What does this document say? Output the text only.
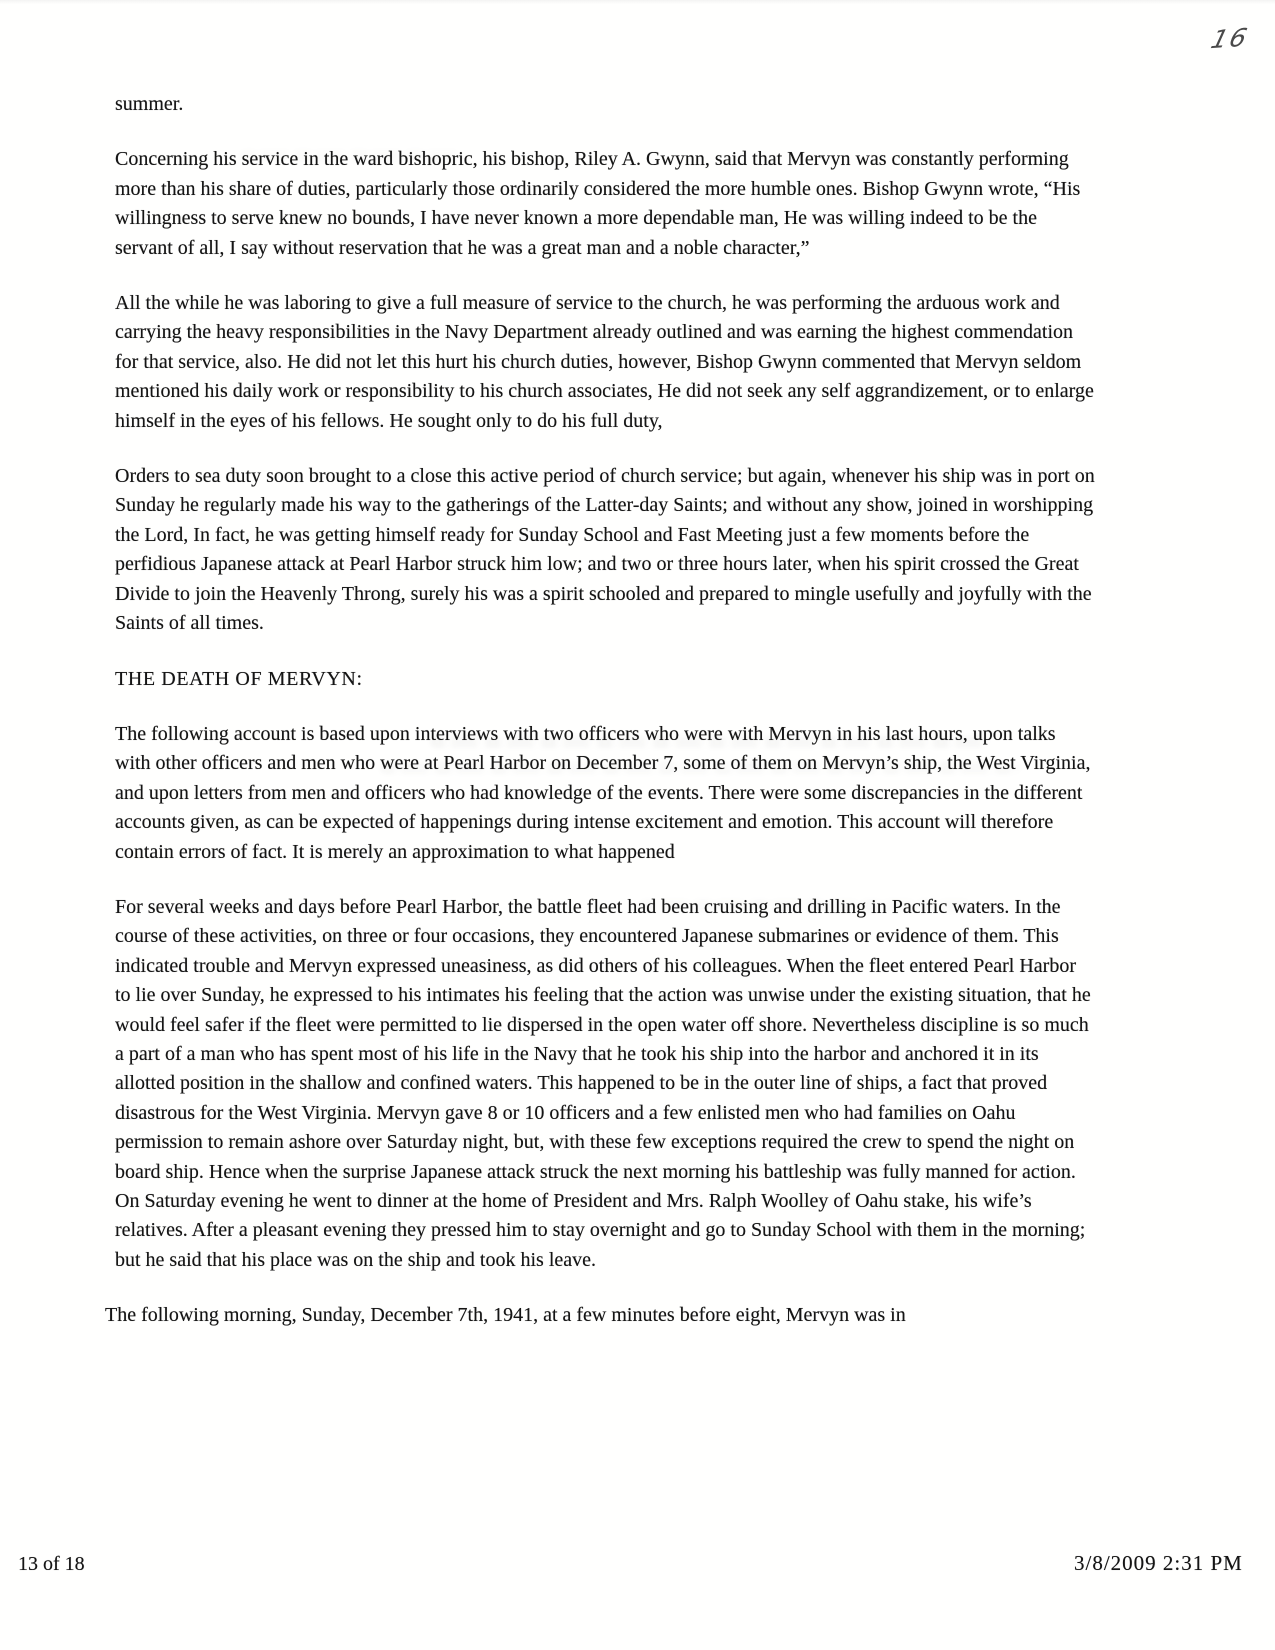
16

summer.

Concerning his service in the ward bishopric, his bishop, Riley A. Gwynn, said that Mervyn was constantly performing more than his share of duties, particularly those ordinarily considered the more humble ones. Bishop Gwynn wrote, “His willingness to serve knew no bounds, I have never known a more dependable man, He was willing indeed to be the servant of all, I say without reservation that he was a great man and a noble character,”

All the while he was laboring to give a full measure of service to the church, he was performing the arduous work and carrying the heavy responsibilities in the Navy Department already outlined and was earning the highest commendation for that service, also. He did not let this hurt his church duties, however, Bishop Gwynn commented that Mervyn seldom mentioned his daily work or responsibility to his church associates, He did not seek any self aggrandizement, or to enlarge himself in the eyes of his fellows. He sought only to do his full duty,

Orders to sea duty soon brought to a close this active period of church service; but again, whenever his ship was in port on Sunday he regularly made his way to the gatherings of the Latter-day Saints; and without any show, joined in worshipping the Lord, In fact, he was getting himself ready for Sunday School and Fast Meeting just a few moments before the perfidious Japanese attack at Pearl Harbor struck him low; and two or three hours later, when his spirit crossed the Great Divide to join the Heavenly Throng, surely his was a spirit schooled and prepared to mingle usefully and joyfully with the Saints of all times.

THE DEATH OF MERVYN:

The following account is based upon interviews with two officers who were with Mervyn in his last hours, upon talks with other officers and men who were at Pearl Harbor on December 7, some of them on Mervyn’s ship, the West Virginia, and upon letters from men and officers who had knowledge of the events. There were some discrepancies in the different accounts given, as can be expected of happenings during intense excitement and emotion. This account will therefore contain errors of fact. It is merely an approximation to what happened

For several weeks and days before Pearl Harbor, the battle fleet had been cruising and drilling in Pacific waters. In the course of these activities, on three or four occasions, they encountered Japanese submarines or evidence of them. This indicated trouble and Mervyn expressed uneasiness, as did others of his colleagues. When the fleet entered Pearl Harbor to lie over Sunday, he expressed to his intimates his feeling that the action was unwise under the existing situation, that he would feel safer if the fleet were permitted to lie dispersed in the open water off shore. Nevertheless discipline is so much a part of a man who has spent most of his life in the Navy that he took his ship into the harbor and anchored it in its allotted position in the shallow and confined waters. This happened to be in the outer line of ships, a fact that proved disastrous for the West Virginia. Mervyn gave 8 or 10 officers and a few enlisted men who had families on Oahu permission to remain ashore over Saturday night, but, with these few exceptions required the crew to spend the night on board ship. Hence when the surprise Japanese attack struck the next morning his battleship was fully manned for action. On Saturday evening he went to dinner at the home of President and Mrs. Ralph Woolley of Oahu stake, his wife’s relatives. After a pleasant evening they pressed him to stay overnight and go to Sunday School with them in the morning; but he said that his place was on the ship and took his leave.

The following morning, Sunday, December 7th, 1941, at a few minutes before eight, Mervyn was in

13 of 18	3/8/2009 2:31 PM
